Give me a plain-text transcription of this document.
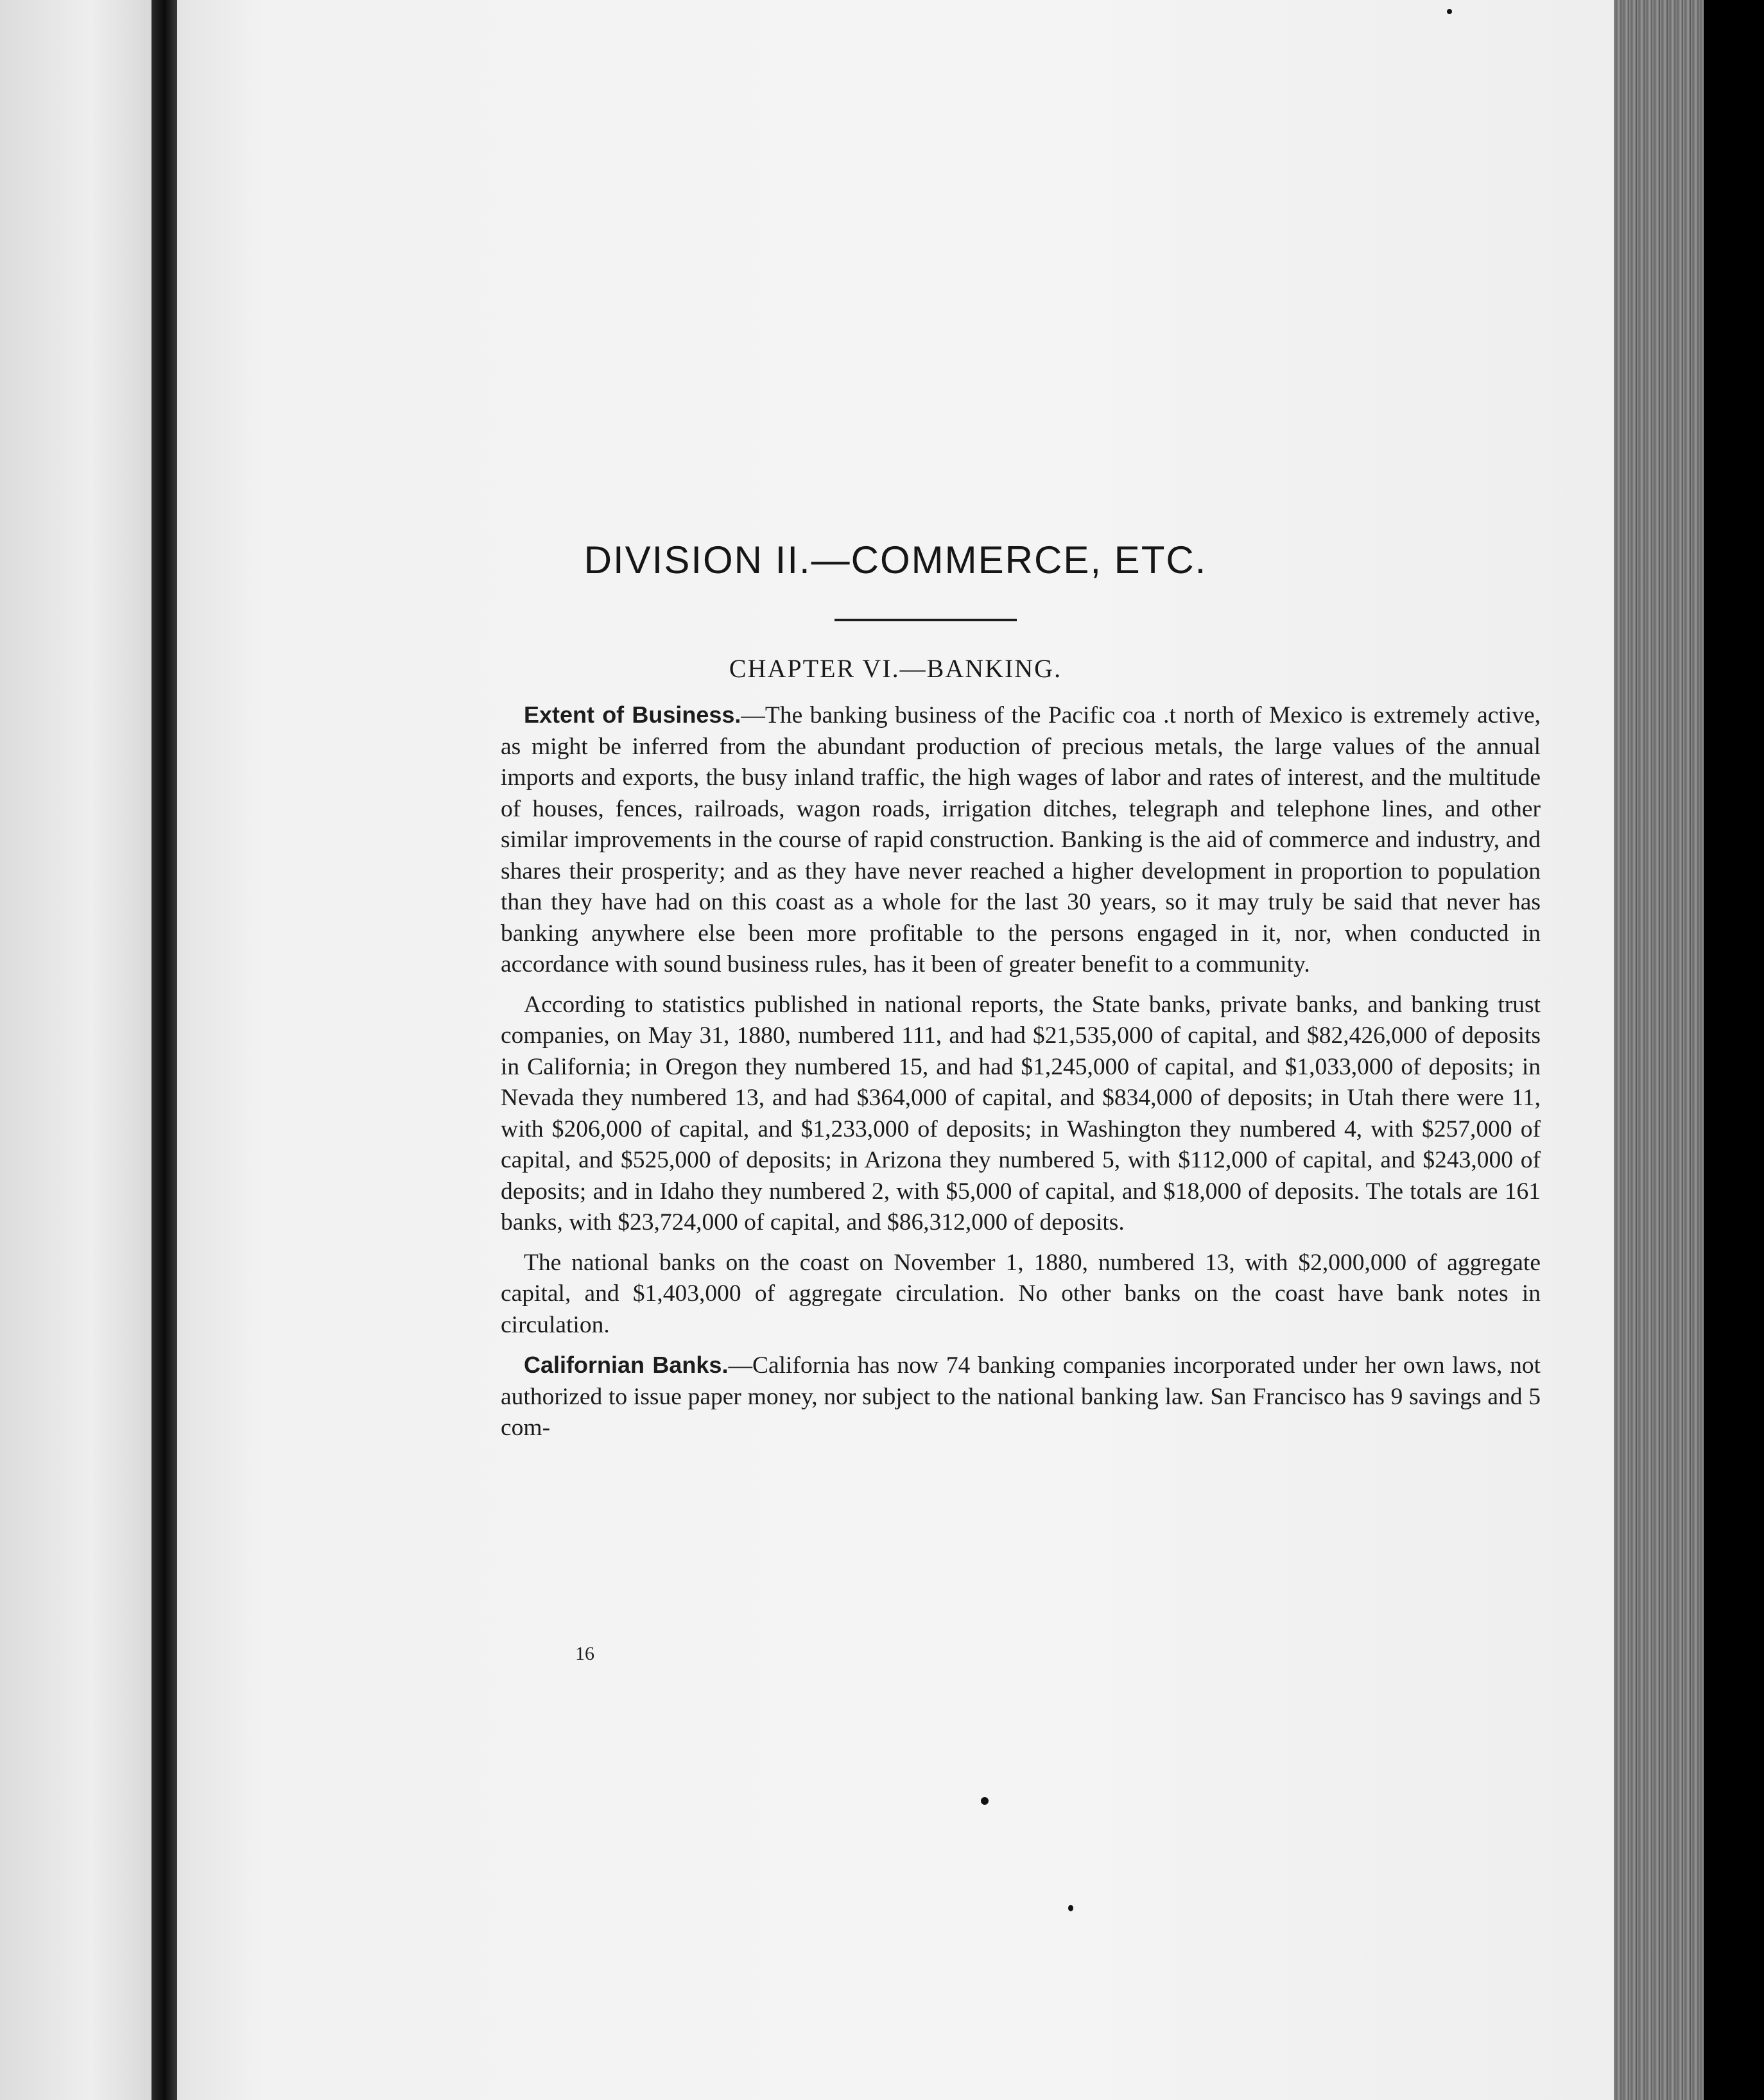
DIVISION II.—COMMERCE, ETC.
CHAPTER VI.—BANKING.

Extent of Business.—The banking business of the Pacific coa .t north of Mexico is extremely active, as might be inferred from the abundant production of precious metals, the large values of the annual imports and exports, the busy inland traffic, the high wages of labor and rates of interest, and the multitude of houses, fences, railroads, wagon roads, irrigation ditches, telegraph and telephone lines, and other similar improvements in the course of rapid construction. Banking is the aid of commerce and industry, and shares their prosperity; and as they have never reached a higher development in proportion to population than they have had on this coast as a whole for the last 30 years, so it may truly be said that never has banking anywhere else been more profitable to the persons engaged in it, nor, when conducted in accordance with sound business rules, has it been of greater benefit to a community.

According to statistics published in national reports, the State banks, private banks, and banking trust companies, on May 31, 1880, numbered 111, and had $21,535,000 of capital, and $82,426,000 of deposits in California; in Oregon they numbered 15, and had $1,245,000 of capital, and $1,033,000 of deposits; in Nevada they numbered 13, and had $364,000 of capital, and $834,000 of deposits; in Utah there were 11, with $206,000 of capital, and $1,233,000 of deposits; in Washington they numbered 4, with $257,000 of capital, and $525,000 of deposits; in Arizona they numbered 5, with $112,000 of capital, and $243,000 of deposits; and in Idaho they numbered 2, with $5,000 of capital, and $18,000 of deposits. The totals are 161 banks, with $23,724,000 of capital, and $86,312,000 of deposits.

The national banks on the coast on November 1, 1880, numbered 13, with $2,000,000 of aggregate capital, and $1,403,000 of aggregate circulation. No other banks on the coast have bank notes in circulation.

Californian Banks.—California has now 74 banking companies incorporated under her own laws, not authorized to issue paper money, nor subject to the national banking law. San Francisco has 9 savings and 5 com-

16
